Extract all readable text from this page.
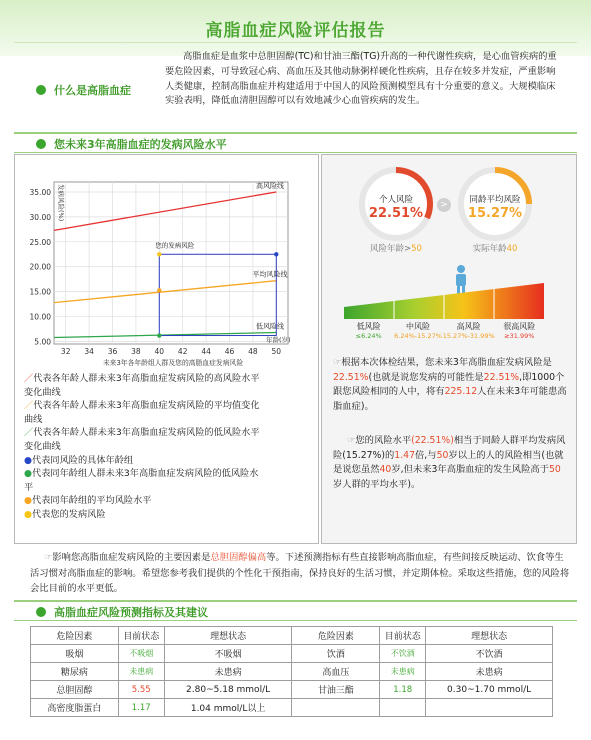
高脂血症风险评估报告
什么是高脂血症
高脂血症是血浆中总胆固醇(TC)和甘油三酯(TG)升高的一种代谢性疾病，是心血管疾病的重要危险因素，可导致冠心病、高血压及其他动脉粥样硬化性疾病，且存在较多并发症，严重影响人类健康，控制高脂血症并构建适用于中国人的风险预测模型具有十分重要的意义。大规模临床实验表明，降低血清胆固醇可以有效地减少心血管疾病的发生。
您未来3年高脂血症的发病风险水平
5.00
10.00
15.00
20.00
25.00
30.00
35.00
32 34 36 38 40 42 44 46 48 50
发病风险(%)
年龄(岁)
未来3年各年龄组人群及您的高脂血症发病风险
高风险线
平均风险线
低风险线
您的发病风险
／代表各年龄人群未来3年高脂血症发病风险的高风险水平
变化曲线
／代表各年龄人群未来3年高脂血症发病风险的平均值变化
曲线
／代表各年龄人群未来3年高脂血症发病风险的低风险水平
变化曲线
●代表同风险的具体年龄组
●代表同年龄组人群未来3年高脂血症发病风险的低风险水
平
●代表同年龄组的平均风险水平
●代表您的发病风险
个人风险
22.51%
风险年龄>50
>	同龄平均风险
15.27%
实际年龄40
低风险
≤6.24%
中风险
6.24%-15.27%
高风险
15.27%-31.99%
很高风险
≥31.99%
☞根据本次体检结果，您未来3年高脂血症发病风险是22.51%(也就是说您发病的可能性是22.51%,即1000个跟您风险相同的人中，将有225.12人在未来3年可能患高脂血症)。
☞您的风险水平(22.51%)相当于同龄人群平均发病风险(15.27%)的1.47倍,与50岁以上的人的风险相当(也就是说您虽然40岁,但未来3年高脂血症的发生风险高于50岁人群的平均水平)。
☞影响您高脂血症发病风险的主要因素是总胆固醇偏高等。下述预测指标有些直接影响高脂血症，有些间接反映运动、饮食等生活习惯对高脂血症的影响。希望您参考我们提供的个性化干预指南，保持良好的生活习惯，并定期体检。采取这些措施，您的风险将会比目前的水平更低。
高脂血症风险预测指标及其建议
危险因素	目前状态	理想状态	危险因素	目前状态	理想状态
吸烟	不吸烟	不吸烟	饮酒	不饮酒	不饮酒
糖尿病	未患病	未患病	高血压	未患病	未患病
总胆固醇	5.55	2.80~5.18 mmol/L	甘油三酯	1.18	0.30~1.70 mmol/L
高密度脂蛋白	1.17	1.04 mmol/L以上			
